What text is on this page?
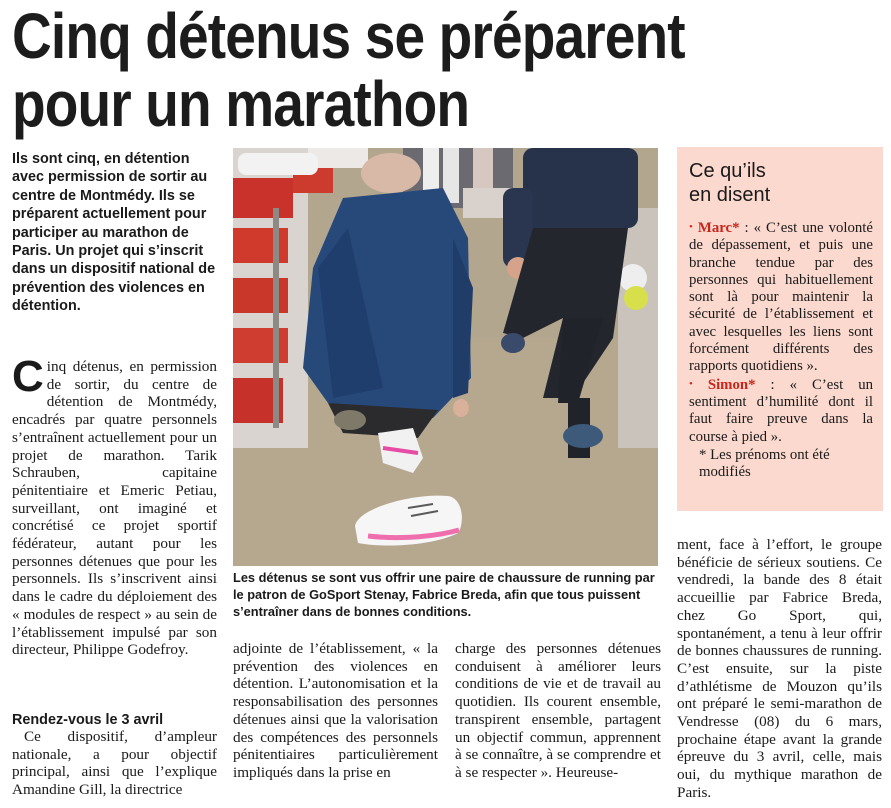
Cinq détenus se préparent
pour un marathon
Ils sont cinq, en détention avec permission de sortir au centre de Montmédy. Ils se préparent actuellement pour participer au marathon de Paris. Un projet qui s’inscrit dans un dispositif national de prévention des violences en détention.

Cinq détenus, en permission de sortir, du centre de détention de Montmédy, encadrés par quatre personnels s’entraînent actuellement pour un projet de marathon. Tarik Schrauben, capitaine pénitentiaire et Emeric Petiau, surveillant, ont imaginé et concrétisé ce projet sportif fédérateur, autant pour les personnes détenues que pour les personnels. Ils s’inscrivent ainsi dans le cadre du déploiement des « modules de respect » au sein de l’établissement impulsé par son directeur, Philippe Godefroy.

Rendez-vous le 3 avril

Ce dispositif, d’ampleur nationale, a pour objectif principal, ainsi que l’explique Amandine Gill, la directrice

Les détenus se sont vus offrir une paire de chaussure de running par le patron de GoSport Stenay, Fabrice Breda, afin que tous puissent s’entraîner dans de bonnes conditions.

adjointe de l’établissement, « la prévention des violences en détention. L’autonomisation et la responsabilisation des personnes détenues ainsi que la valorisation des compétences des personnels pénitentiaires particulièrement impliqués dans la prise en

charge des personnes détenues conduisent à améliorer leurs conditions de vie et de travail au quotidien. Ils courent ensemble, transpirent ensemble, partagent un objectif commun, apprennent à se connaître, à se comprendre et à se respecter ». Heureuse-

ment, face à l’effort, le groupe bénéficie de sérieux soutiens. Ce vendredi, la bande des 8 était accueillie par Fabrice Breda, chez Go Sport, qui, spontanément, a tenu à leur offrir de bonnes chaussures de running. C’est ensuite, sur la piste d’athlétisme de Mouzon qu’ils ont préparé le semi-marathon de Vendresse (08) du 6 mars, prochaine étape avant la grande épreuve du 3 avril, celle, mais oui, du mythique marathon de Paris.

Ce qu’ils
en disent

• Marc* : « C’est une volonté de dépassement, et puis une branche tendue par des personnes qui habituellement sont là pour maintenir la sécurité de l’établissement et avec lesquelles les liens sont forcément différents des rapports quotidiens ».

• Simon* : « C’est un sentiment d’humilité dont il faut faire preuve dans la course à pied ».

* Les prénoms ont été modifiés
